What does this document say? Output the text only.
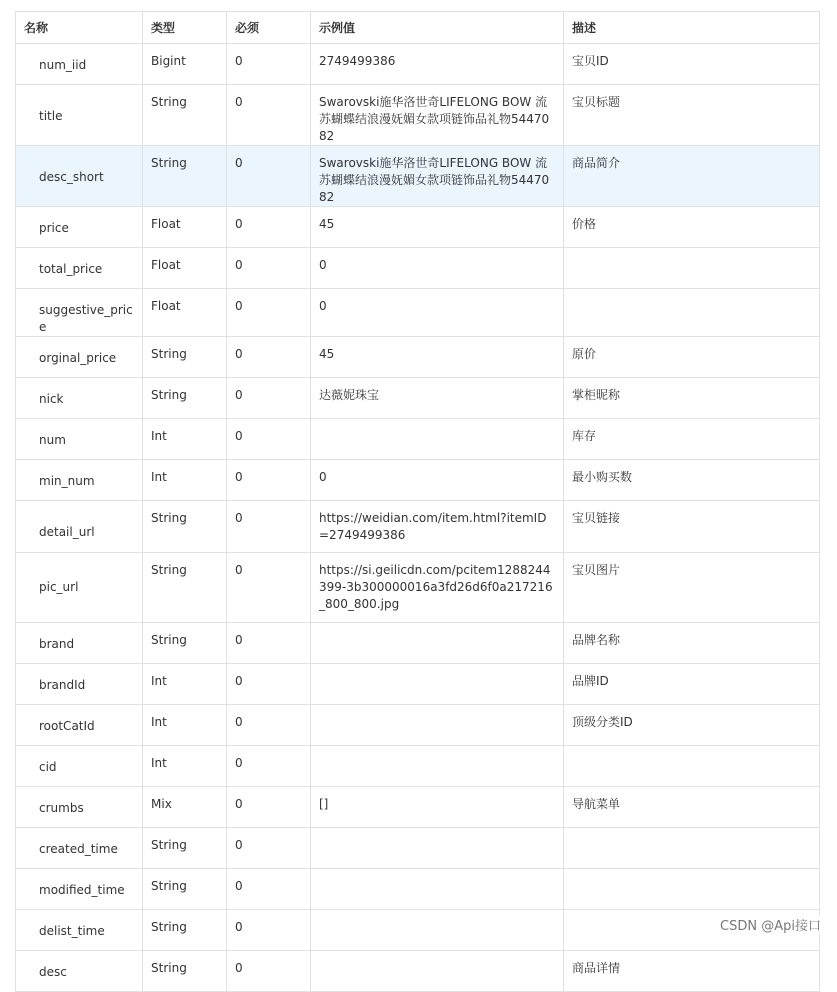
名称	类型	必须	示例值	描述
num_iid	Bigint	0	2749499386	宝贝ID
title	String	0	Swarovski施华洛世奇LIFELONG BOW 流苏蝴蝶结浪漫妩媚女款项链饰品礼物5447082	宝贝标题
desc_short	String	0	Swarovski施华洛世奇LIFELONG BOW 流苏蝴蝶结浪漫妩媚女款项链饰品礼物5447082	商品简介
price	Float	0	45	价格
total_price	Float	0	0	
suggestive_price	Float	0	0	
orginal_price	String	0	45	原价
nick	String	0	达薇妮珠宝	掌柜昵称
num	Int	0		库存
min_num	Int	0	0	最小购买数
detail_url	String	0	https://weidian.com/item.html?itemID=2749499386	宝贝链接
pic_url	String	0	https://si.geilicdn.com/pcitem1288244399-3b300000016a3fd26d6f0a217216_800_800.jpg	宝贝图片
brand	String	0		品牌名称
brandId	Int	0		品牌ID
rootCatId	Int	0		顶级分类ID
cid	Int	0		
crumbs	Mix	0	[]	导航菜单
created_time	String	0		
modified_time	String	0		
delist_time	String	0		
desc	String	0		商品详情
CSDN @Api接口
